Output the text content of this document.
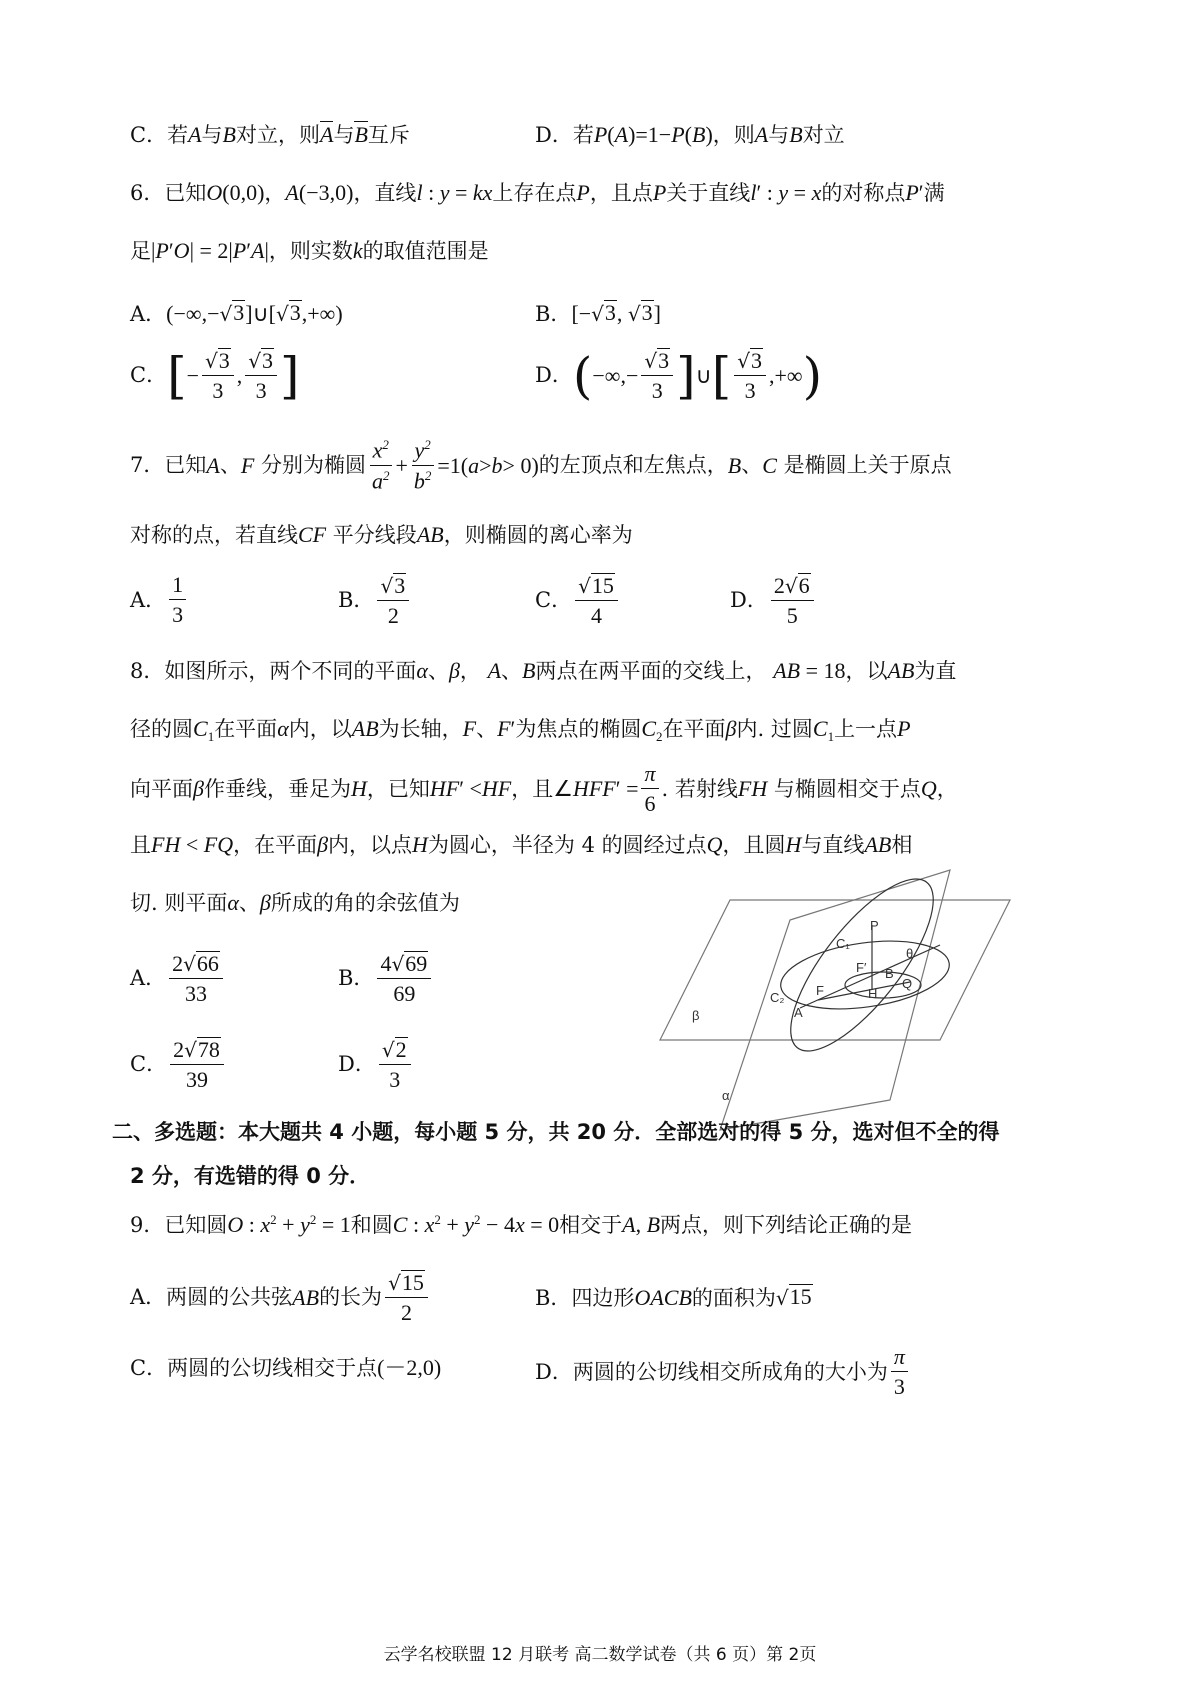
C．若A与B对立，则A与B互斥	D．若P(A)=1−P(B)，则A与B对立
6．已知O(0,0)，A(−3,0)，直线l : y = kx上存在点P，且点P关于直线l′ : y = x的对称点P′满
足|P′O| = 2|P′A|，则实数k的取值范围是
A．(−∞,− √ 3 ]∪[ √ 3 ,+∞)	B．[− √ 3 , √ 3 ]
C． [ − $\frac{√ 3}{3}$ , $\frac{√ 3}{3}$ ]	D． ( −∞,− $\frac{√ 3}{3}$ ] ∪ [ $\frac{√ 3}{3}$ ,+∞ )
7．已知 A 、 F
分别为椭圆 $\frac{x^2}{a^2} + \frac{y^2}{b^2} =1$( a > b > 0) 的左顶点和左焦点， B 、 C
是椭圆上关于原点
对称的点，若直线CF 平分线段AB，则椭圆的离心率为
A． $\frac{1}{3}$	B． $\frac{√ 3}{2}$	C． $\frac{√ 15}{4}$	D． $\frac{2 √ 6}{5}$
8．如图所示，两个不同的平面α、β， A、B两点在两平面的交线上， AB = 18，以AB为直
径的圆$C_1$在平面α内，以AB为长轴，F、F′为焦点的椭圆$C_2$在平面β内. 过圆$C_1$上一点P
向平面 β 作垂线，垂足为 H ，已知 HF ′ < HF ，且 ∠ HFF ′ = $\frac{\pi}{6}$ . 若射线 FH 与椭圆相交于点 Q ，
且FH < FQ，在平面β内，以点H为圆心，半径为 4 的圆经过点Q，且圆H与直线AB相
切. 则平面α、β所成的角的余弦值为
A． $\frac{2 √ 66}{33}$	B． $\frac{4 √ 69}{69}$
C． $\frac{2 √ 78}{39}$	D． $\frac{√ 2}{3}$
C₁
P
θ
F′ B
Q
C₂ F	H
A
β
α
二、多选题：本大题共 4 小题，每小题 5 分，共 20 分．全部选对的得 5 分，选对但不全的得
2 分，有选错的得 0 分．
9．已知圆O : $x^2 + y^2 = 1$和圆C : $x^2 + y^2 - 4x = 0$相交于A, B两点，则下列结论正确的是
A． 两圆的公共弦 AB 的长为 $\frac{√ 15}{2}$	B．四边形OACB的面积为 √ 15
C．两圆的公切线相交于点(－2,0)	D． 两圆的公切线相交所成角的大小为 $\frac{\pi}{3}$
云学名校联盟 12 月联考 高二数学试卷（共 6 页）第 2页
